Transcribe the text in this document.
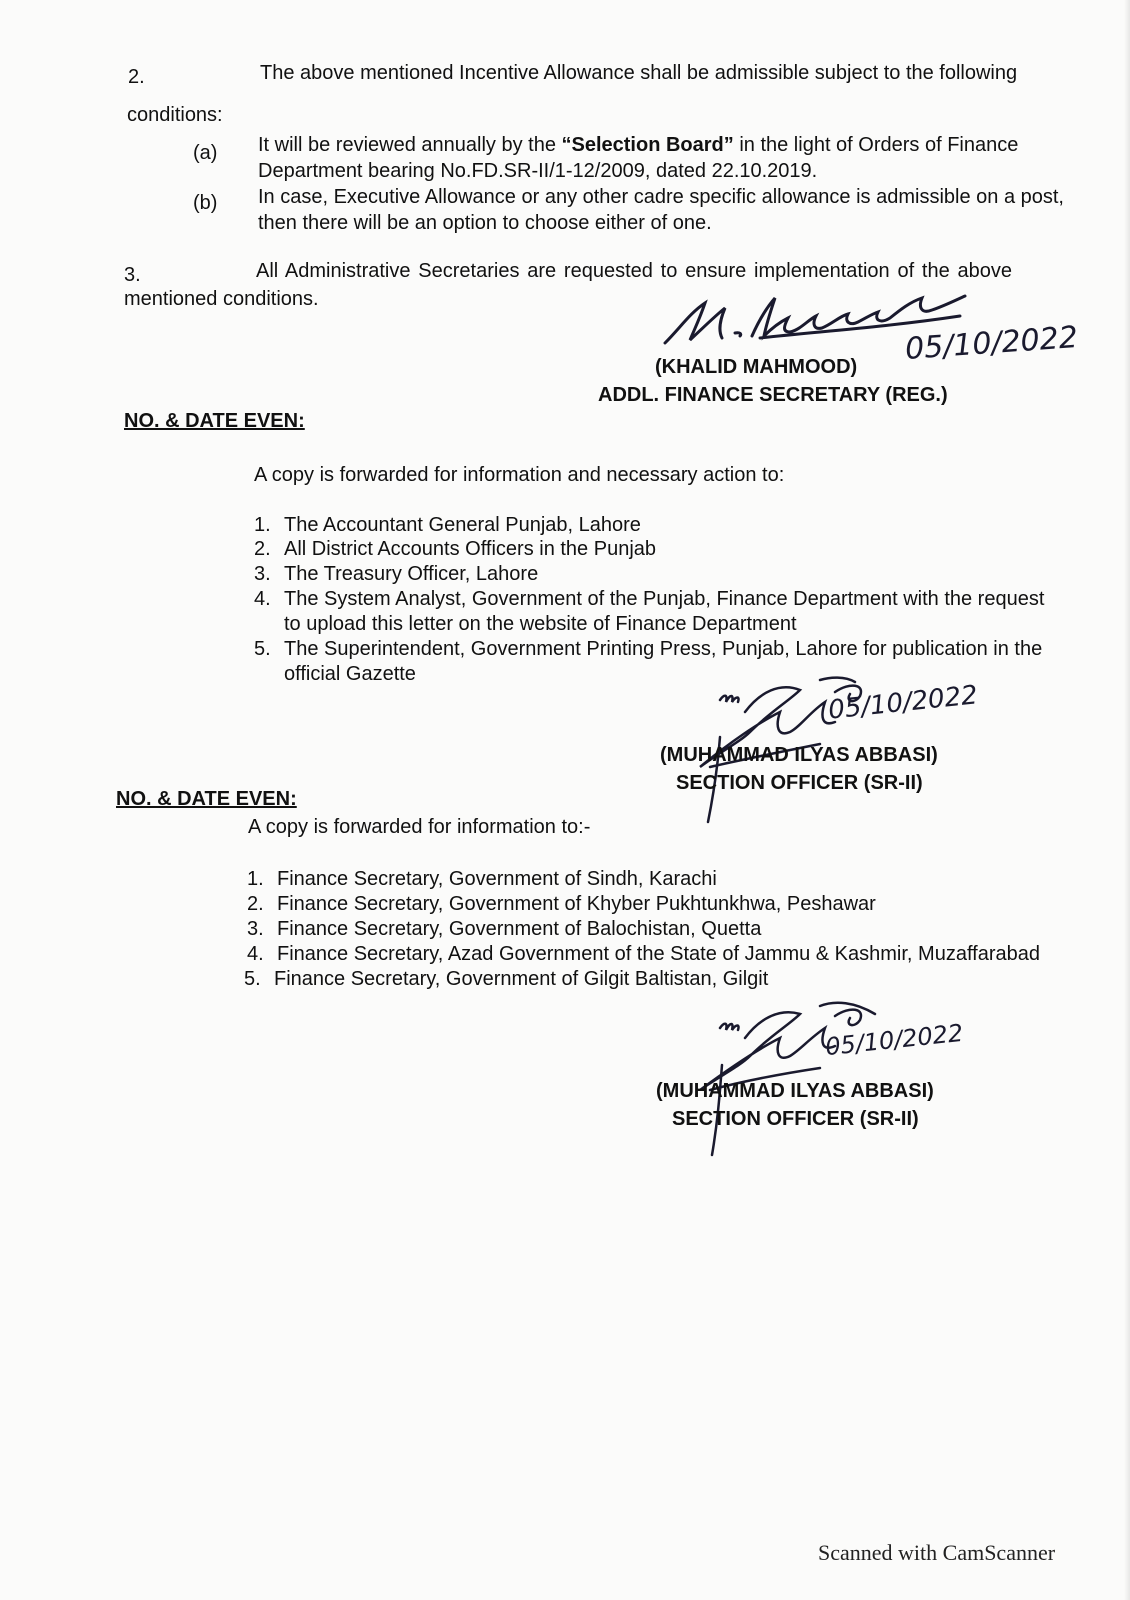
2.	The above mentioned Incentive Allowance shall be admissible subject to the following
conditions:
(a) It will be reviewed annually by the “Selection Board” in the light of Orders of Finance
Department bearing No.FD.SR-II/1-12/2009, dated 22.10.2019.
(b) In case, Executive Allowance or any other cadre specific allowance is admissible on a post,
then there will be an option to choose either of one.
3.	All Administrative Secretaries are requested to ensure implementation of the above
mentioned conditions.
05/10/2022
(KHALID MAHMOOD)
ADDL. FINANCE SECRETARY (REG.)
NO. & DATE EVEN:
A copy is forwarded for information and necessary action to:
1. The Accountant General Punjab, Lahore
2. All District Accounts Officers in the Punjab
3. The Treasury Officer, Lahore
4. The System Analyst, Government of the Punjab, Finance Department with the request
to upload this letter on the website of Finance Department
5. The Superintendent, Government Printing Press, Punjab, Lahore for publication in the
official Gazette
05/10/2022
(MUHAMMAD ILYAS ABBASI)
SECTION OFFICER (SR-II)
NO. & DATE EVEN:
A copy is forwarded for information to:-
1. Finance Secretary, Government of Sindh, Karachi
2. Finance Secretary, Government of Khyber Pukhtunkhwa, Peshawar
3. Finance Secretary, Government of Balochistan, Quetta
4. Finance Secretary, Azad Government of the State of Jammu & Kashmir, Muzaffarabad
5. Finance Secretary, Government of Gilgit Baltistan, Gilgit
05/10/2022
(MUHAMMAD ILYAS ABBASI)
SECTION OFFICER (SR-II)
Scanned with CamScanner
